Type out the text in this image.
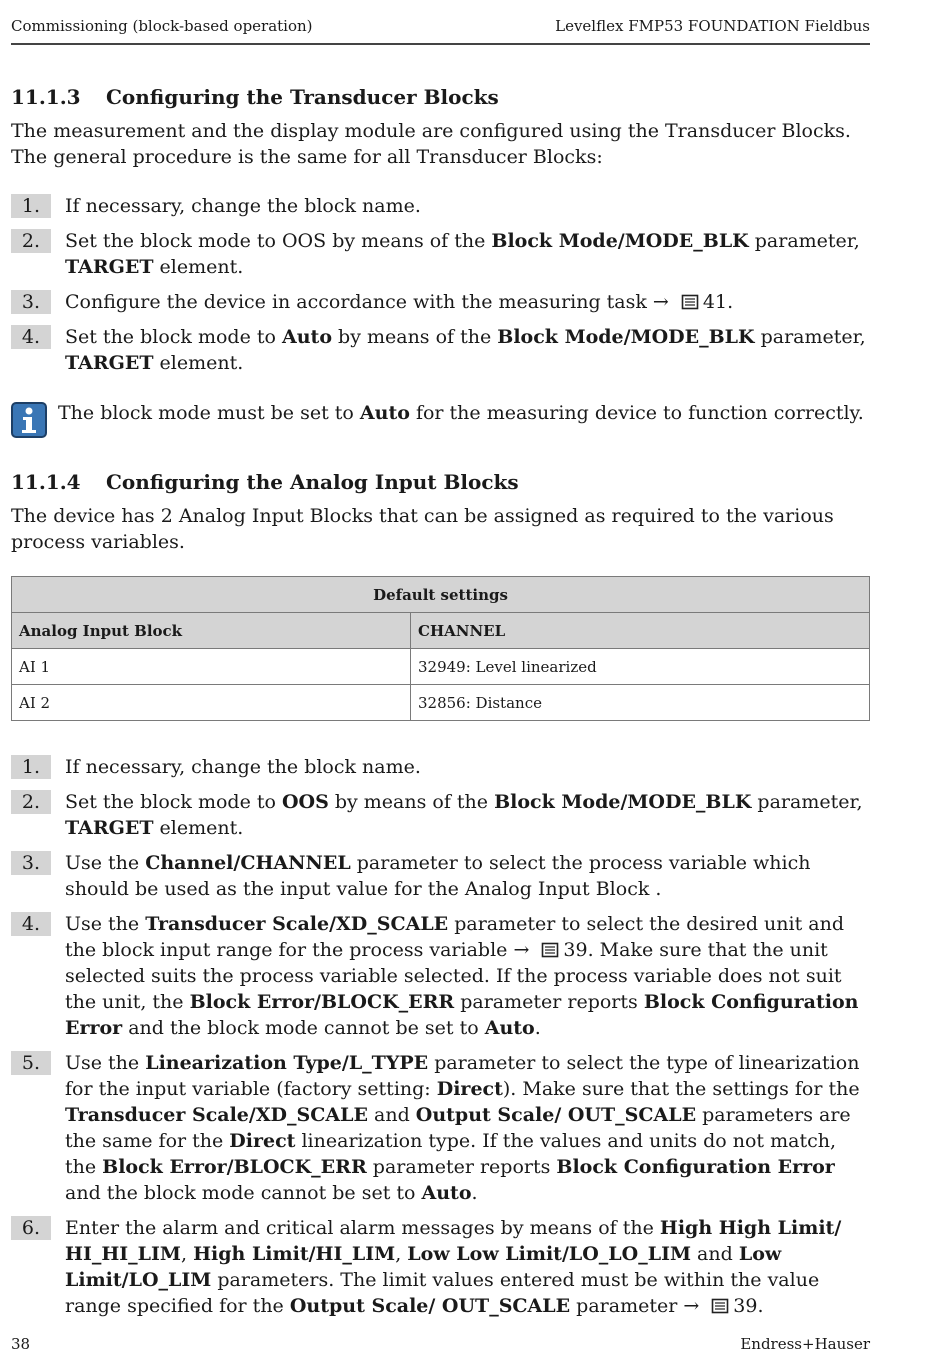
Commissioning (block-based operation)	Levelflex FMP53 FOUNDATION Fieldbus
11.1.3 Configuring the Transducer Blocks

The measurement and the display module are configured using the Transducer Blocks. The general procedure is the same for all Transducer Blocks:

1.	If necessary, change the block name.
2.	Set the block mode to OOS by means of the Block Mode/MODE_BLK parameter, TARGET element.
3.	Configure the device in accordance with the measuring task → 41.
4.	Set the block mode to Auto by means of the Block Mode/MODE_BLK parameter, TARGET element.
The block mode must be set to Auto for the measuring device to function correctly.
11.1.4 Configuring the Analog Input Blocks

The device has 2 Analog Input Blocks that can be assigned as required to the various process variables.

Default settings	
Analog Input Block	CHANNEL
AI 1	32949: Level linearized
AI 2	32856: Distance
1.	If necessary, change the block name.
2.	Set the block mode to OOS by means of the Block Mode/MODE_BLK parameter, TARGET element.
3.	Use the Channel/CHANNEL parameter to select the process variable which should be used as the input value for the Analog Input Block .
4.	Use the Transducer Scale/XD_SCALE parameter to select the desired unit and the block input range for the process variable → 39. Make sure that the unit selected suits the process variable selected. If the process variable does not suit the unit, the Block Error/BLOCK_ERR parameter reports Block Configuration Error and the block mode cannot be set to Auto.
5.	Use the Linearization Type/L_TYPE parameter to select the type of linearization for the input variable (factory setting: Direct). Make sure that the settings for the Transducer Scale/XD_SCALE and Output Scale/ OUT_SCALE parameters are the same for the Direct linearization type. If the values and units do not match, the Block Error/BLOCK_ERR parameter reports Block Configuration Error and the block mode cannot be set to Auto.
6.	Enter the alarm and critical alarm messages by means of the High High Limit/ HI_HI_LIM, High Limit/HI_LIM, Low Low Limit/LO_LO_LIM and Low Limit/LO_LIM parameters. The limit values entered must be within the value range specified for the Output Scale/ OUT_SCALE parameter → 39.
38	Endress+Hauser
